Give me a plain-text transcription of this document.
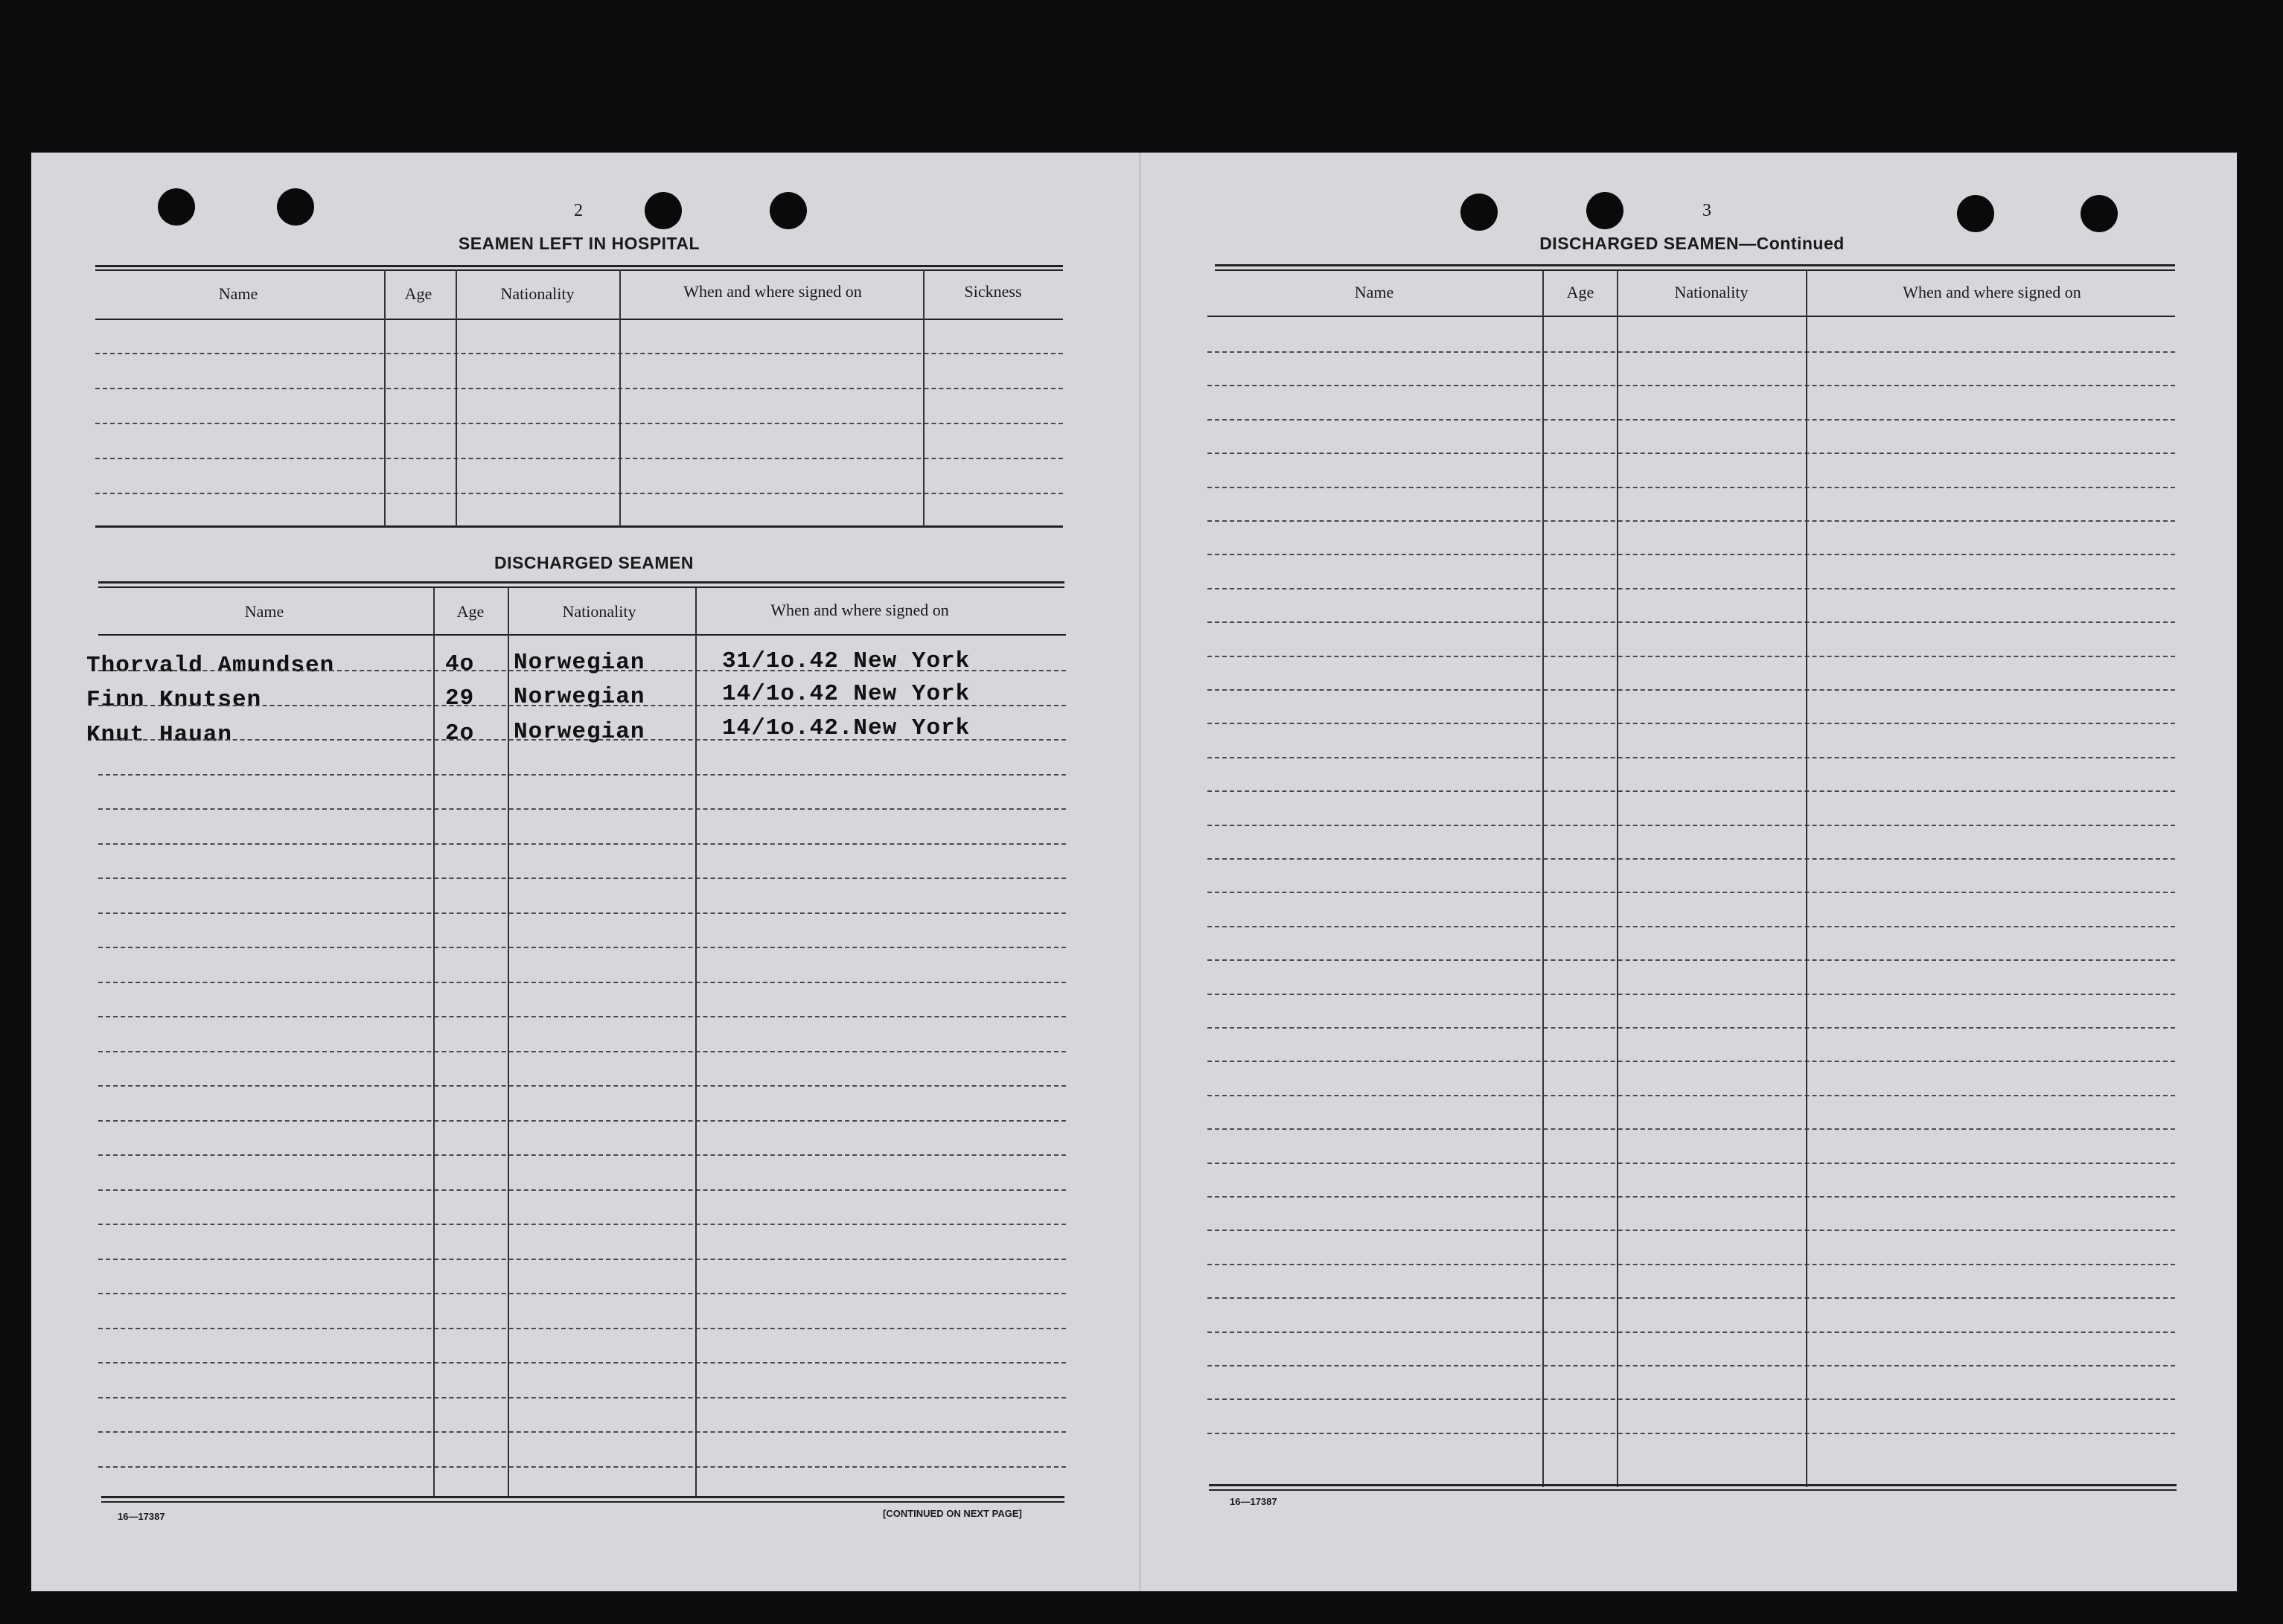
2
SEAMEN LEFT IN HOSPITAL
Name	Age	Nationality	When and where signed on	Sickness
DISCHARGED SEAMEN
Name	Age	Nationality	When and where signed on
Thorvald Amundsen	4o Norwegian	31/1o.42 New York
Finn Knutsen	29 Norwegian	14/1o.42 New York
Knut Hauan	2o Norwegian	14/1o.42.New York
16—17387	[CONTINUED ON NEXT PAGE]
3
DISCHARGED SEAMEN—Continued
Name	Age	Nationality	When and where signed on
16—17387
